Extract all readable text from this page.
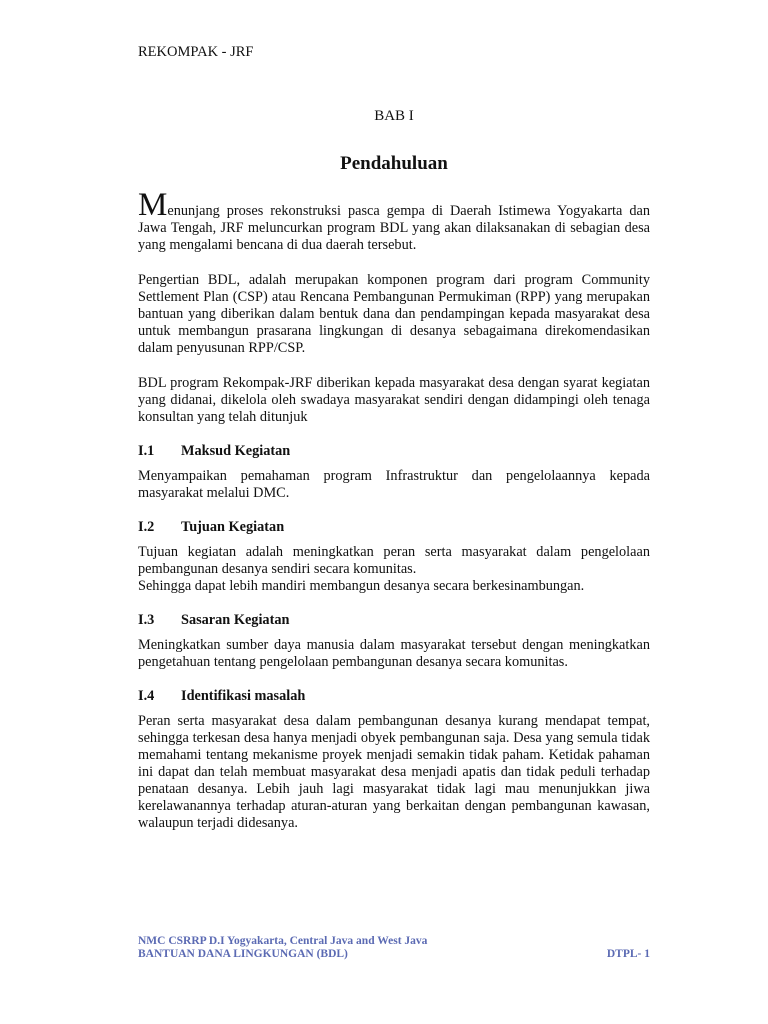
REKOMPAK - JRF
BAB I
Pendahuluan

Menunjang proses rekonstruksi pasca gempa di Daerah Istimewa Yogyakarta dan Jawa Tengah, JRF meluncurkan program BDL yang akan dilaksanakan di sebagian desa yang mengalami bencana di dua daerah tersebut.

Pengertian BDL, adalah merupakan komponen program dari program Community Settlement Plan (CSP) atau Rencana Pembangunan Permukiman (RPP) yang merupakan bantuan yang diberikan dalam bentuk dana dan pendampingan kepada masyarakat desa untuk membangun prasarana lingkungan di desanya sebagaimana direkomendasikan dalam penyusunan RPP/CSP.

BDL program Rekompak-JRF diberikan kepada masyarakat desa dengan syarat kegiatan yang didanai, dikelola oleh swadaya masyarakat sendiri dengan didampingi oleh tenaga konsultan yang telah ditunjuk

I.1	Maksud Kegiatan

Menyampaikan pemahaman program Infrastruktur dan pengelolaannya kepada masyarakat melalui DMC.

I.2	Tujuan Kegiatan

Tujuan kegiatan adalah meningkatkan peran serta masyarakat dalam pengelolaan pembangunan desanya sendiri secara komunitas.

Sehingga dapat lebih mandiri membangun desanya secara berkesinambungan.

I.3	Sasaran Kegiatan

Meningkatkan sumber daya manusia dalam masyarakat tersebut dengan meningkatkan pengetahuan tentang pengelolaan pembangunan desanya secara komunitas.

I.4	Identifikasi masalah

Peran serta masyarakat desa dalam pembangunan desanya kurang mendapat tempat, sehingga terkesan desa hanya menjadi obyek pembangunan saja. Desa yang semula tidak memahami tentang mekanisme proyek menjadi semakin tidak paham. Ketidak pahaman ini dapat dan telah membuat masyarakat desa menjadi apatis dan tidak peduli terhadap penataan desanya. Lebih jauh lagi masyarakat tidak lagi mau menunjukkan jiwa kerelawanannya terhadap aturan-aturan yang berkaitan dengan pembangunan kawasan, walaupun terjadi didesanya.

NMC CSRRP D.I Yogyakarta, Central Java and West Java
BANTUAN DANA LINGKUNGAN (BDL)	DTPL- 1
